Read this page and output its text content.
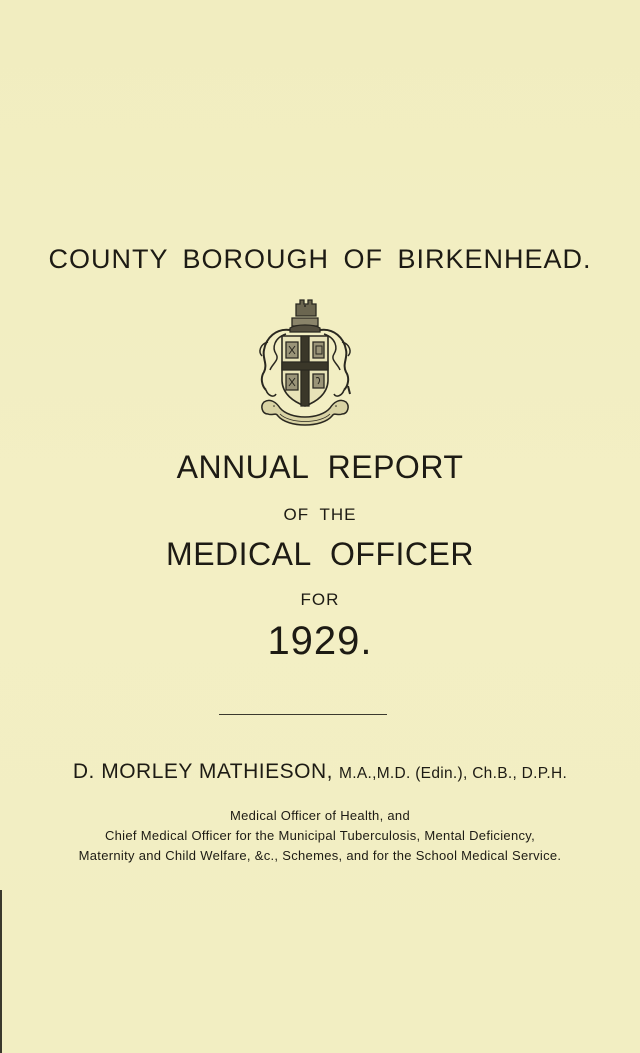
COUNTY BOROUGH OF BIRKENHEAD.
ANNUAL REPORT
OF THE
MEDICAL OFFICER
FOR
1929.
D. MORLEY MATHIESON, M.A.,M.D. (Edin.), Ch.B., D.P.H.
Medical Officer of Health, and
Chief Medical Officer for the Municipal Tuberculosis, Mental Deficiency,
Maternity and Child Welfare, &c., Schemes, and for the School Medical Service.
